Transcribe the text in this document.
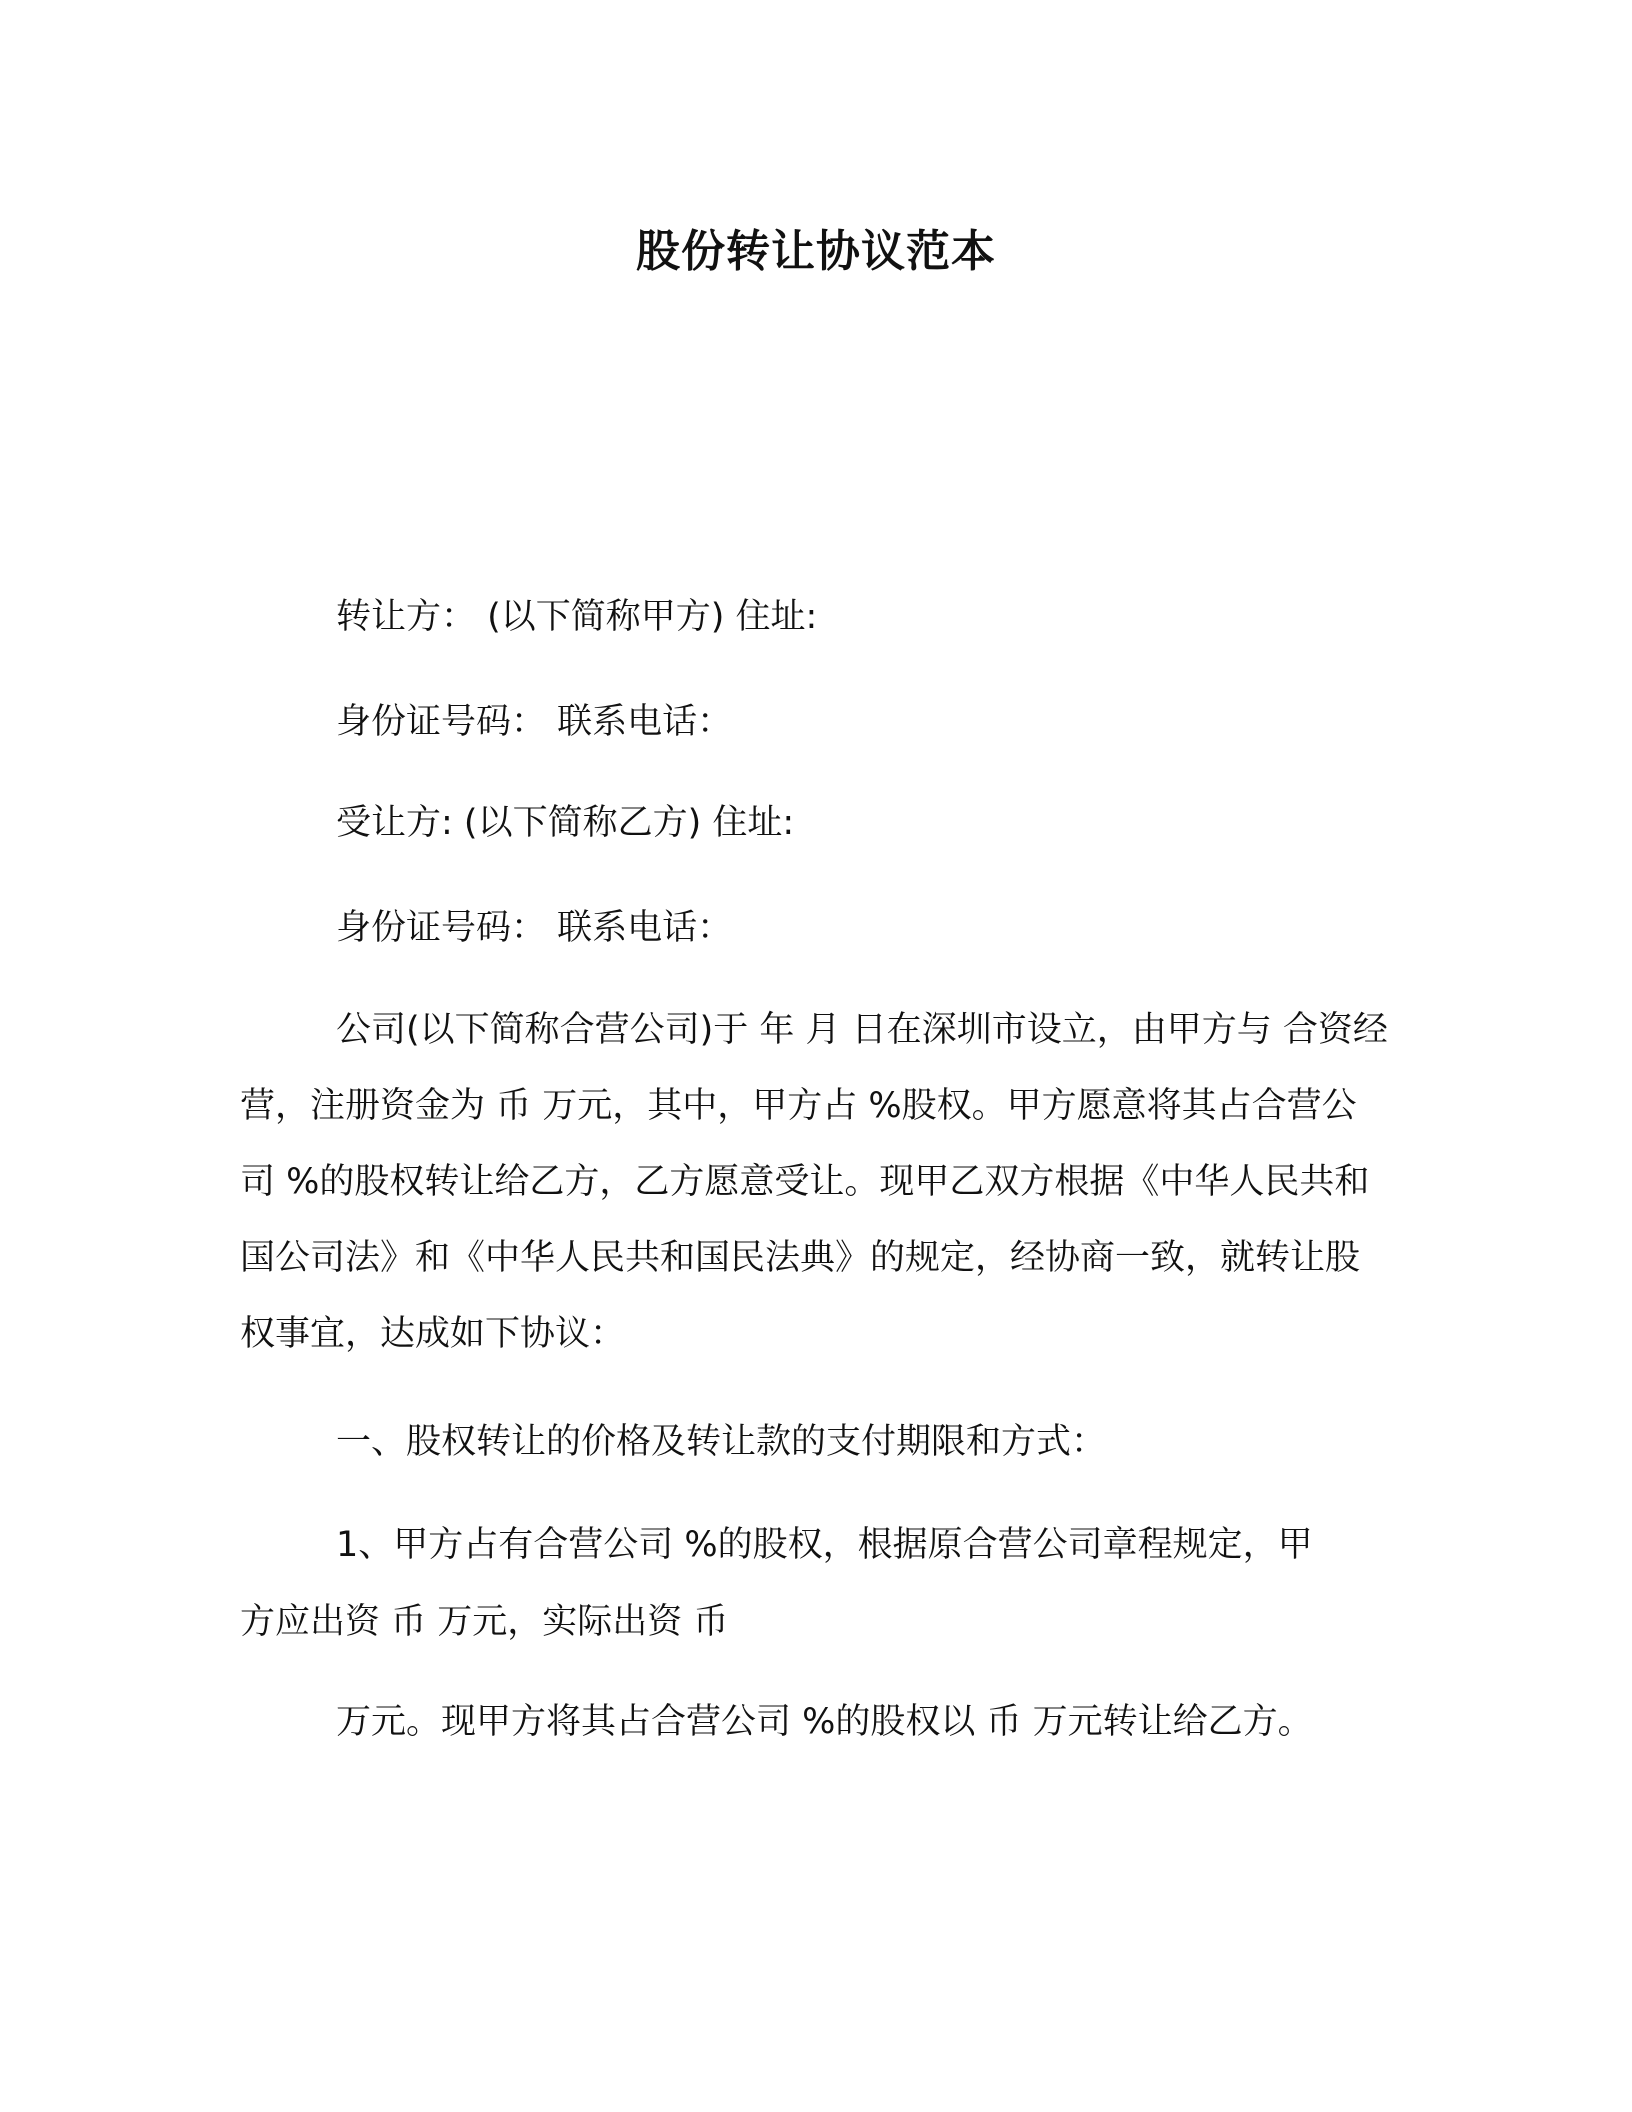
股份转让协议范本
转让方： (以下简称甲方) 住址:
身份证号码： 联系电话：
受让方: (以下简称乙方) 住址:
身份证号码： 联系电话：

公司(以下简称合营公司)于 年 月 日在深圳市设立，由甲方与 合资经营，注册资金为 币 万元，其中，甲方占 %股权。甲方愿意将其占合营公司 %的股权转让给乙方，乙方愿意受让。现甲乙双方根据《中华人民共和国公司法》和《中华人民共和国民法典》的规定，经协商一致，就转让股权事宜，达成如下协议：

一、股权转让的价格及转让款的支付期限和方式：
1、甲方占有合营公司 %的股权，根据原合营公司章程规定，甲
方应出资 币 万元，实际出资 币
万元。现甲方将其占合营公司 %的股权以 币 万元转让给乙方。
